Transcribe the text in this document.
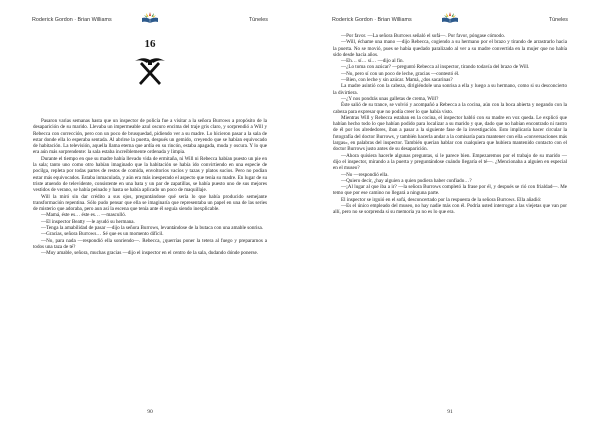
Roderick Gordon · Brian Williams	Túneles
16

Pasaron varias semanas hasta que un inspector de policía fue a visitar a la señora Burrows a propósito de la desaparición de su marido. Llevaba un impermeable azul oscuro encima del traje gris claro, y sorprendió a Will y Rebecca con corrección, pero con un poco de brusquedad, pidiendo ver a su madre. Lo hicieron pasar a la sala de estar donde ella lo esperaba sentada. Al abrirse la puerta, después un gemido, creyendo que se habían equivocado de habitación. La televisión, aquella llama eterna que ardía en su rincón, estaba apagada, muda y oscura. Y lo que era aún más sorprendente: la sala estaba increíblemente ordenada y limpia.

Durante el tiempo en que su madre había llevado vida de ermitaña, ni Will ni Rebecca habían puesto un pie en la sala; tanto uno como otro habían imaginado que la habitación se había ido convirtiendo en una especie de pocilga, repleta por todas partes de restos de comida, envoltorios vacíos y tazas y platos sucios. Pero no podían estar más equivocados. Estaba inmaculada, y aún era más inesperado el aspecto que tenía su madre. En lugar de su triste atuendo de televidente, consistente en una bata y un par de zapatillas, se había puesto uno de sus mejores vestidos de verano, se había peinado y hasta se había aplicado un poco de maquillaje.

Will la miró sin dar crédito a sus ojos, preguntándose qué sería lo que había producido semejante transformación repentina. Sólo pudo pensar que ella se imaginaría que representaba un papel en una de las series de misterio que adoraba, pero aun así la escena que tenía ante él seguía siendo inexplicable.

—Mamá, éste es… éste es… —masculló.

—El inspector Beatty —le ayudó su hermana.

—Tenga la amabilidad de pasar —dijo la señora Burrows, levantándose de la butaca con una amable sonrisa.

—Gracias, señora Burrows… Sé que es un momento difícil.

—No, para nada —respondió ella sonriendo—. Rebecca, ¿querrías poner la tetera al fuego y prepararnos a todos una taza de té?

—Muy amable, señora, muchas gracias —dijo el inspector en el centro de la sala, dudando dónde ponerse.

90
Roderick Gordon · Brian Williams	Túneles

—Por favor. —La señora Burrows señaló el sofá—. Por favor, póngase cómodo.

—Will, échame una mano —dijo Rebecca, cogiendo a su hermano por el brazo y tirando de arrastrarlo hacia la puerta. No se movió, pues se había quedado paralizado al ver a su madre convertida en la mujer que no había sido desde hacía años.

—Eh… sí… sí… —dijo al fin.

—¿Lo toma con azúcar? —preguntó Rebecca al inspector, tirando todavía del brazo de Will.

—No, pero sí con un poco de leche, gracias —contestó él.

—Bien, con leche y sin azúcar. Mamá, ¿dos sacarinas?

La madre asintió con la cabeza, dirigiéndole una sonrisa a ella y luego a su hermano, como si su desconcierto la divirtiera.

—¿Y nos pondrás unas galletas de crema, Will?

Éste salió de su trance, se volvió y acompañó a Rebecca a la cocina, aún con la boca abierta y negando con la cabeza para expresar que no podía creer lo que había visto.

Mientras Will y Rebecca estaban en la cocina, el inspector habló con su madre en voz queda. Le explicó que habían hecho todo lo que habían podido para localizar a su marido y que, dado que no habían encontrado ni rastro de él por los alrededores, iban a pasar a la siguiente fase de la investigación. Esto implicaría hacer circular la fotografía del doctor Burrows, y también hacerla andar a la comisaría para mantener con ella «conversaciones más largas», en palabras del inspector. También querían hablar con cualquiera que hubiera mantenido contacto con el doctor Burrows justo antes de su desaparición.

—Ahora quisiera hacerle algunas preguntas, si le parece bien. Empezaremos por el trabajo de su marido —dijo el inspector, mirando a la puerta y preguntándose cuándo llegaría el té—. ¿Mencionaba a alguien en especial en el museo?

—No —respondió ella.

—Quiero decir, ¿hay alguien a quien pudiera haber confiado…?

—¡Al lugar al que iba a ir? —la señora Burrows completó la frase por él, y después se rió con frialdad—. Me temo que por ese camino no llegará a ninguna parte.

El inspector se irguió en el sofá, desconcertado por la respuesta de la señora Burrows. Ella añadió:

—Es el único empleado del museo, no hay nadie más con él. Podría usted interrogar a las viejetas que van por allí, pero no se sorprenda si su memoria ya no es lo que era.

91
